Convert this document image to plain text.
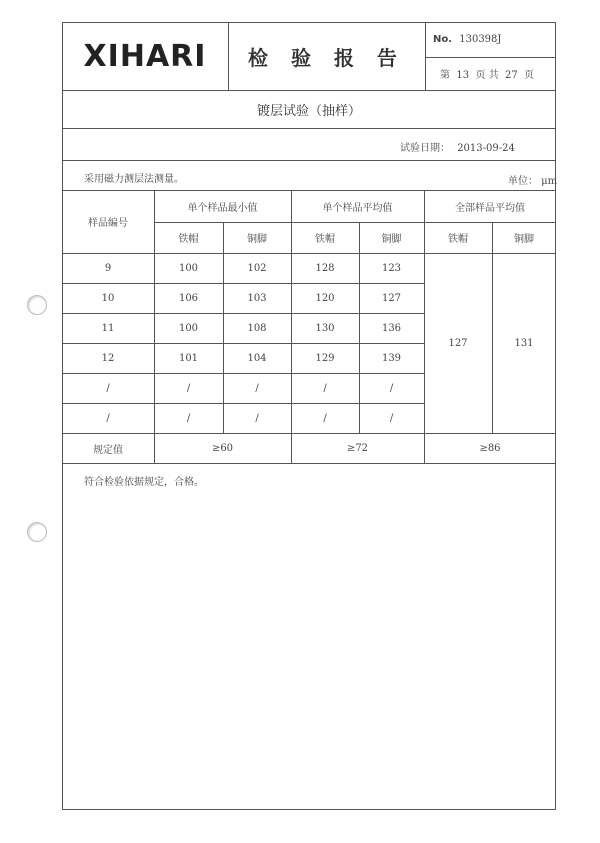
XIHARI	检 验 报 告
No. 130398J
第  13  页 共  27  页
镀层试验（抽样）
试验日期： 2013-09-24
采用磁力测层法测量。	单位： μm
样品编号
单个样品最小值	单个样品平均值	全部样品平均值
铁帽	铜脚	铁帽	铜脚	铁帽	铜脚
9	100	102	128	123
10	106	103	120	127
11	100	108	130	136
12	101	104	129	139
/	/	/	/	/
/	/	/	/	/
127	131
规定值	≥60	≥72	≥86
符合检验依据规定，合格。
